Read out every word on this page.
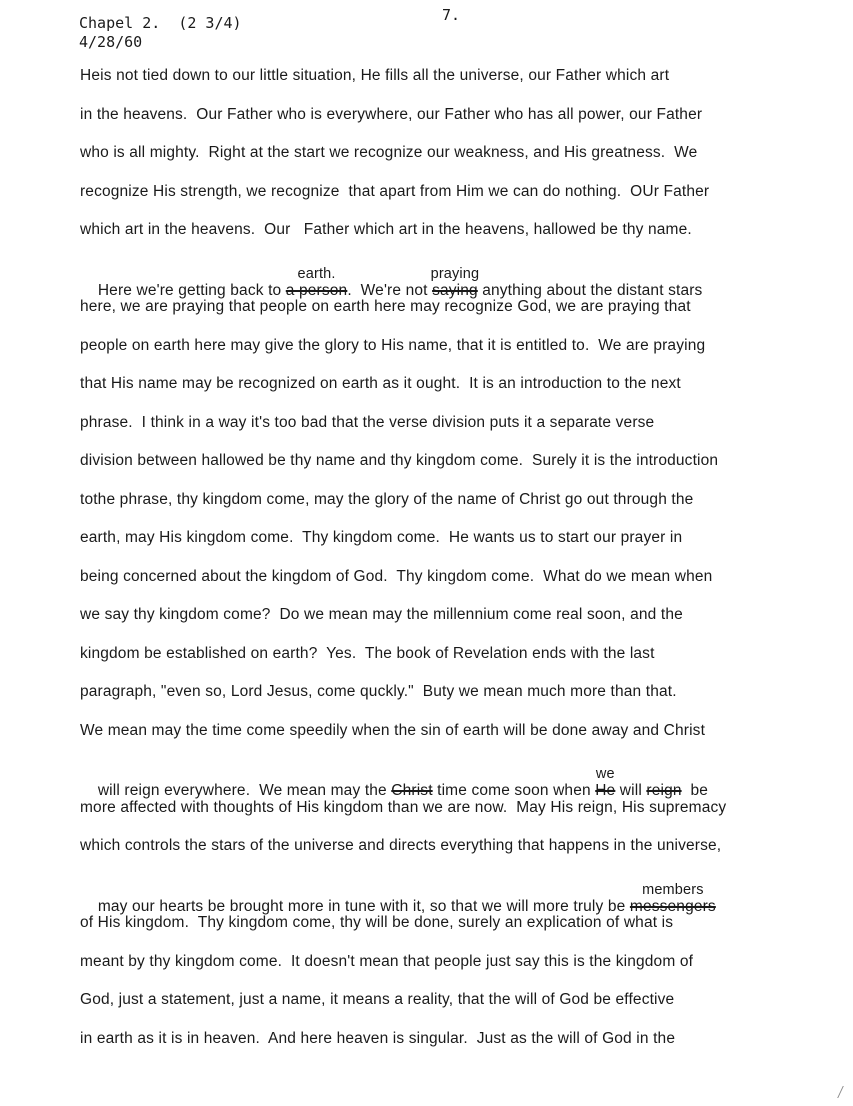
Chapel 2.  (2 3/4)
4/28/60
7.
Heis not tied down to our little situation, He fills all the universe, our Father which art
in the heavens.  Our Father who is everywhere, our Father who has all power, our Father
who is all mighty.  Right at the start we recognize our weakness, and His greatness.  We
recognize His strength, we recognize  that apart from Him we can do nothing.  OUr Father
which art in the heavens.  Our   Father which art in the heavens, hallowed be thy name.

Here we're getting back to
earth.
a person.  We're not
praying
saying anything about the distant stars

here, we are praying that people on earth here may recognize God, we are praying that
people on earth here may give the glory to His name, that it is entitled to.  We are praying
that His name may be recognized on earth as it ought.  It is an introduction to the next
phrase.  I think in a way it's too bad that the verse division puts it a separate verse
division between hallowed be thy name and thy kingdom come.  Surely it is the introduction
tothe phrase, thy kingdom come, may the glory of the name of Christ go out through the
earth, may His kingdom come.  Thy kingdom come.  He wants us to start our prayer in
being concerned about the kingdom of God.  Thy kingdom come.  What do we mean when
we say thy kingdom come?  Do we mean may the millennium come real soon, and the
kingdom be established on earth?  Yes.  The book of Revelation ends with the last
paragraph, "even so, Lord Jesus, come quckly."  Buty we mean much more than that.
We mean may the time come speedily when the sin of earth will be done away and Christ

will reign everywhere.  We mean may the Christ time come soon when
we
He will reign  be

more affected with thoughts of His kingdom than we are now.  May His reign, His supremacy
which controls the stars of the universe and directs everything that happens in the universe,

may our hearts be brought more in tune with it, so that we will more truly be
members
messengers

of His kingdom.  Thy kingdom come, thy will be done, surely an explication of what is
meant by thy kingdom come.  It doesn't mean that people just say this is the kingdom of
God, just a statement, just a name, it means a reality, that the will of God be effective
in earth as it is in heaven.  And here heaven is singular.  Just as the will of God in the
